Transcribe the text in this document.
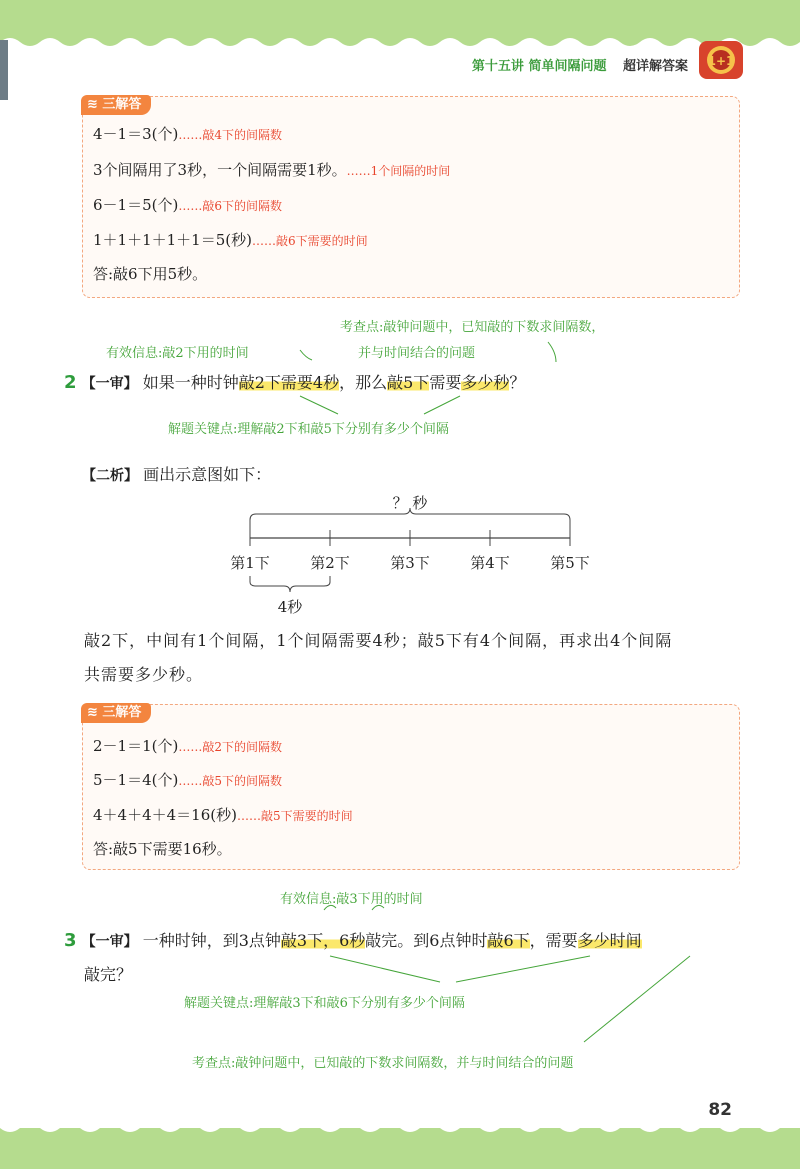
第十五讲 简单间隔问题 超详解答案 1+1
≋ 三解答
4－1＝3(个)……敲4下的间隔数
3个间隔用了3秒，一个间隔需要1秒。……1个间隔的时间
6－1＝5(个)……敲6下的间隔数
1＋1＋1＋1＋1＝5(秒)……敲6下需要的时间
答:敲6下用5秒。
考查点:敲钟问题中，已知敲的下数求间隔数，
并与时间结合的问题
有效信息:敲2下用的时间
2 【一审】 如果一种时钟敲2下需要4秒，那么敲5下需要多少秒？
解题关键点:理解敲2下和敲5下分别有多少个间隔
【二析】 画出示意图如下：
？ 秒
第1下	第2下	第3下	第4下	第5下
4秒
敲2下，中间有1个间隔，1个间隔需要4秒；敲5下有4个间隔，再求出4个间隔
共需要多少秒。
≋ 三解答
2－1＝1(个)……敲2下的间隔数
5－1＝4(个)……敲5下的间隔数
4＋4＋4＋4＝16(秒)……敲5下需要的时间
答:敲5下需要16秒。
有效信息:敲3下用的时间
3 【一审】 一种时钟，到3点钟敲3下，6秒敲完。到6点钟时敲6下，需要多少时间
敲完？
解题关键点:理解敲3下和敲6下分别有多少个间隔
考查点:敲钟问题中，已知敲的下数求间隔数，并与时间结合的问题
82
